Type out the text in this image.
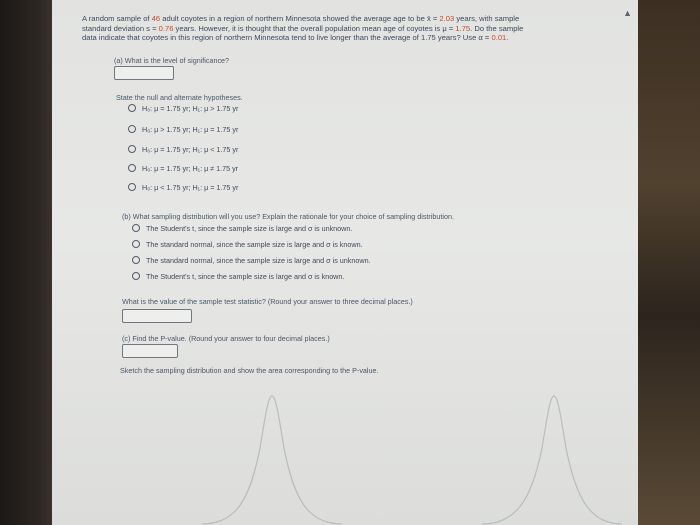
▲

A random sample of 46 adult coyotes in a region of northern Minnesota showed the average age to be x̄ = 2.03 years, with sample

standard deviation s = 0.76 years. However, it is thought that the overall population mean age of coyotes is μ = 1.75. Do the sample

data indicate that coyotes in this region of northern Minnesota tend to live longer than the average of 1.75 years? Use α = 0.01.

(a) What is the level of significance?
State the null and alternate hypotheses.
H₀: μ = 1.75 yr; H₁: μ > 1.75 yr
H₀: μ > 1.75 yr; H₁: μ = 1.75 yr
H₀: μ = 1.75 yr; H₁: μ < 1.75 yr
H₀: μ = 1.75 yr; H₁: μ ≠ 1.75 yr
H₀: μ < 1.75 yr; H₁: μ = 1.75 yr
(b) What sampling distribution will you use? Explain the rationale for your choice of sampling distribution.
The Student's t, since the sample size is large and σ is unknown.
The standard normal, since the sample size is large and σ is known.
The standard normal, since the sample size is large and σ is unknown.
The Student's t, since the sample size is large and σ is known.
What is the value of the sample test statistic? (Round your answer to three decimal places.)
(c) Find the P-value. (Round your answer to four decimal places.)
Sketch the sampling distribution and show the area corresponding to the P-value.
